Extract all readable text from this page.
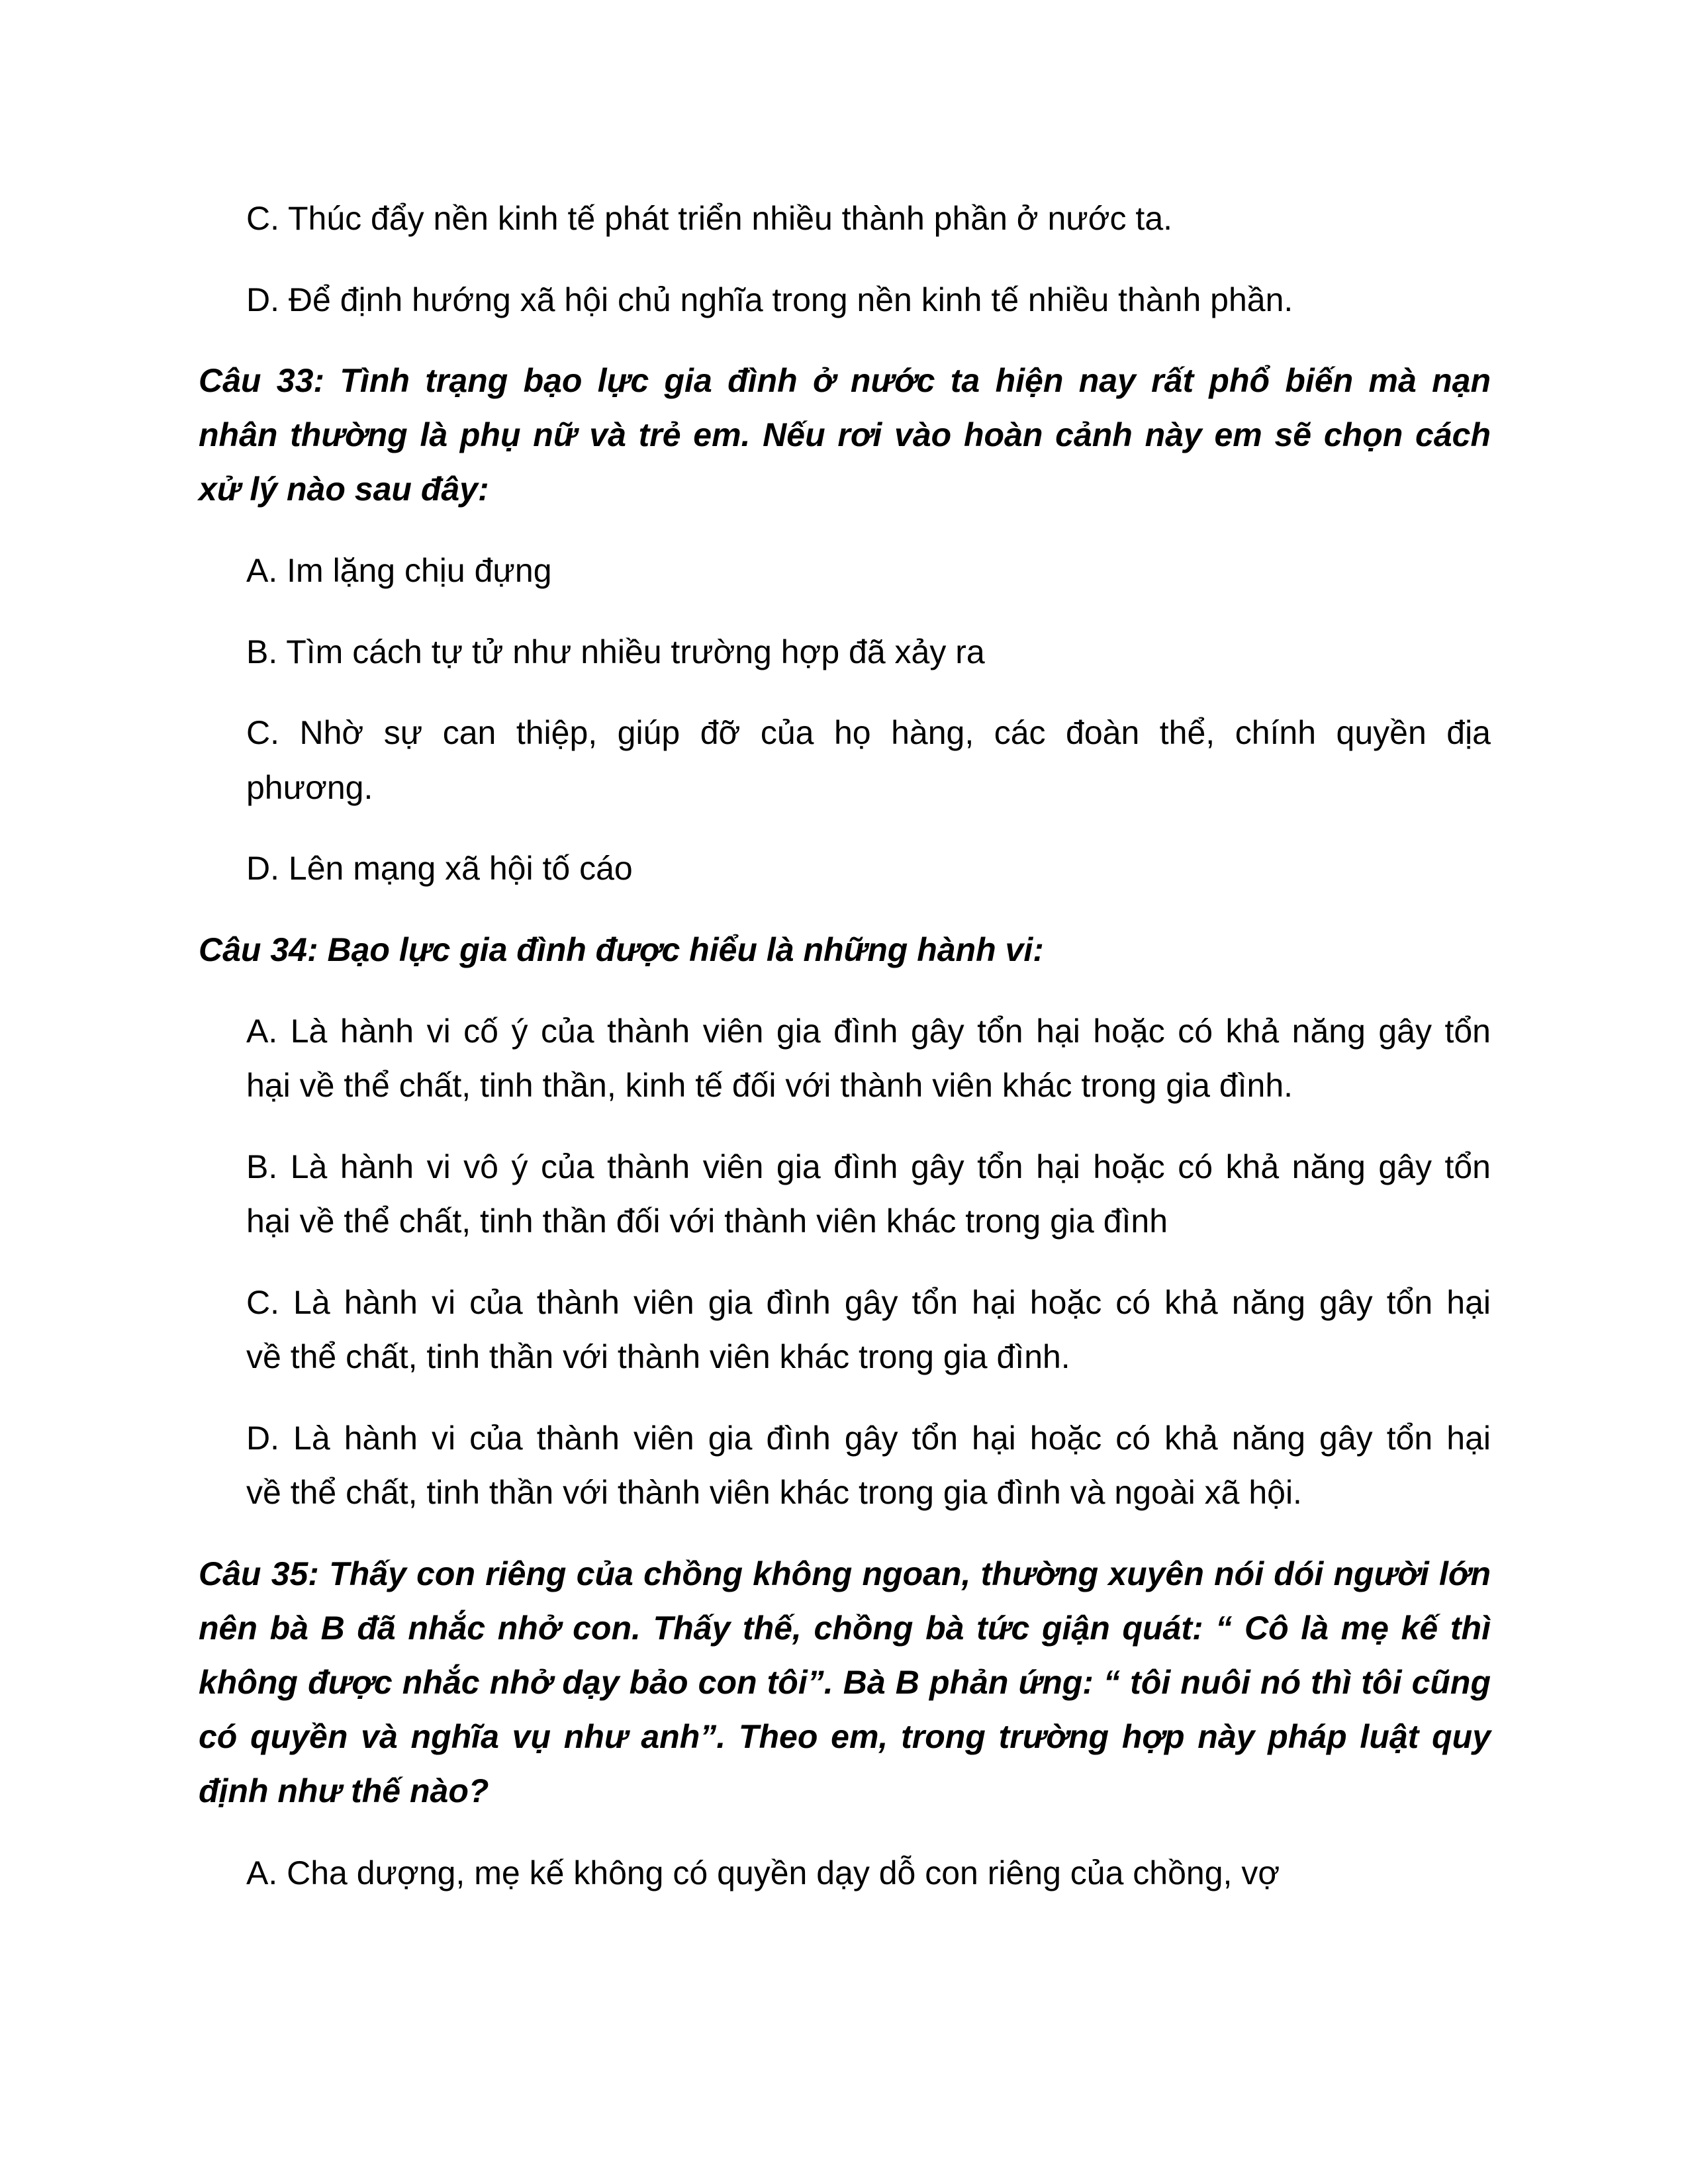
C. Thúc đẩy nền kinh tế phát triển nhiều thành phần ở nước ta.
D. Để định hướng xã hội chủ nghĩa trong nền kinh tế nhiều thành phần.
Câu 33: Tình trạng bạo lực gia đình ở nước ta hiện nay rất phổ biến mà nạn
nhân thường là phụ nữ và trẻ em. Nếu rơi vào hoàn cảnh này em sẽ chọn cách
xử lý nào sau đây:
A. Im lặng chịu đựng
B. Tìm cách tự tử như nhiều trường hợp đã xảy ra
C. Nhờ sự can thiệp, giúp đỡ của họ hàng, các đoàn thể, chính quyền địa
phương.
D. Lên mạng xã hội tố cáo
Câu 34: Bạo lực gia đình được hiểu là những hành vi:
A. Là hành vi cố ý của thành viên gia đình gây tổn hại hoặc có khả năng gây tổn
hại về thể chất, tinh thần, kinh tế đối với thành viên khác trong gia đình.
B. Là hành vi vô ý của thành viên gia đình gây tổn hại hoặc có khả năng gây tổn
hại về thể chất, tinh thần đối với thành viên khác trong gia đình
C. Là hành vi của thành viên gia đình gây tổn hại hoặc có khả năng gây tổn hại
về thể chất, tinh thần với thành viên khác trong gia đình.
D. Là hành vi của thành viên gia đình gây tổn hại hoặc có khả năng gây tổn hại
về thể chất, tinh thần với thành viên khác trong gia đình và ngoài xã hội.
Câu 35: Thấy con riêng của chồng không ngoan, thường xuyên nói dói người lớn
nên bà B đã nhắc nhở con. Thấy thế, chồng bà tức giận quát: “ Cô là mẹ kế thì
không được nhắc nhở dạy bảo con tôi”. Bà B phản ứng: “ tôi nuôi nó thì tôi cũng
có quyền và nghĩa vụ như anh”. Theo em, trong trường hợp này pháp luật quy
định như thế nào?
A. Cha dượng, mẹ kế không có quyền dạy dỗ con riêng của chồng, vợ
